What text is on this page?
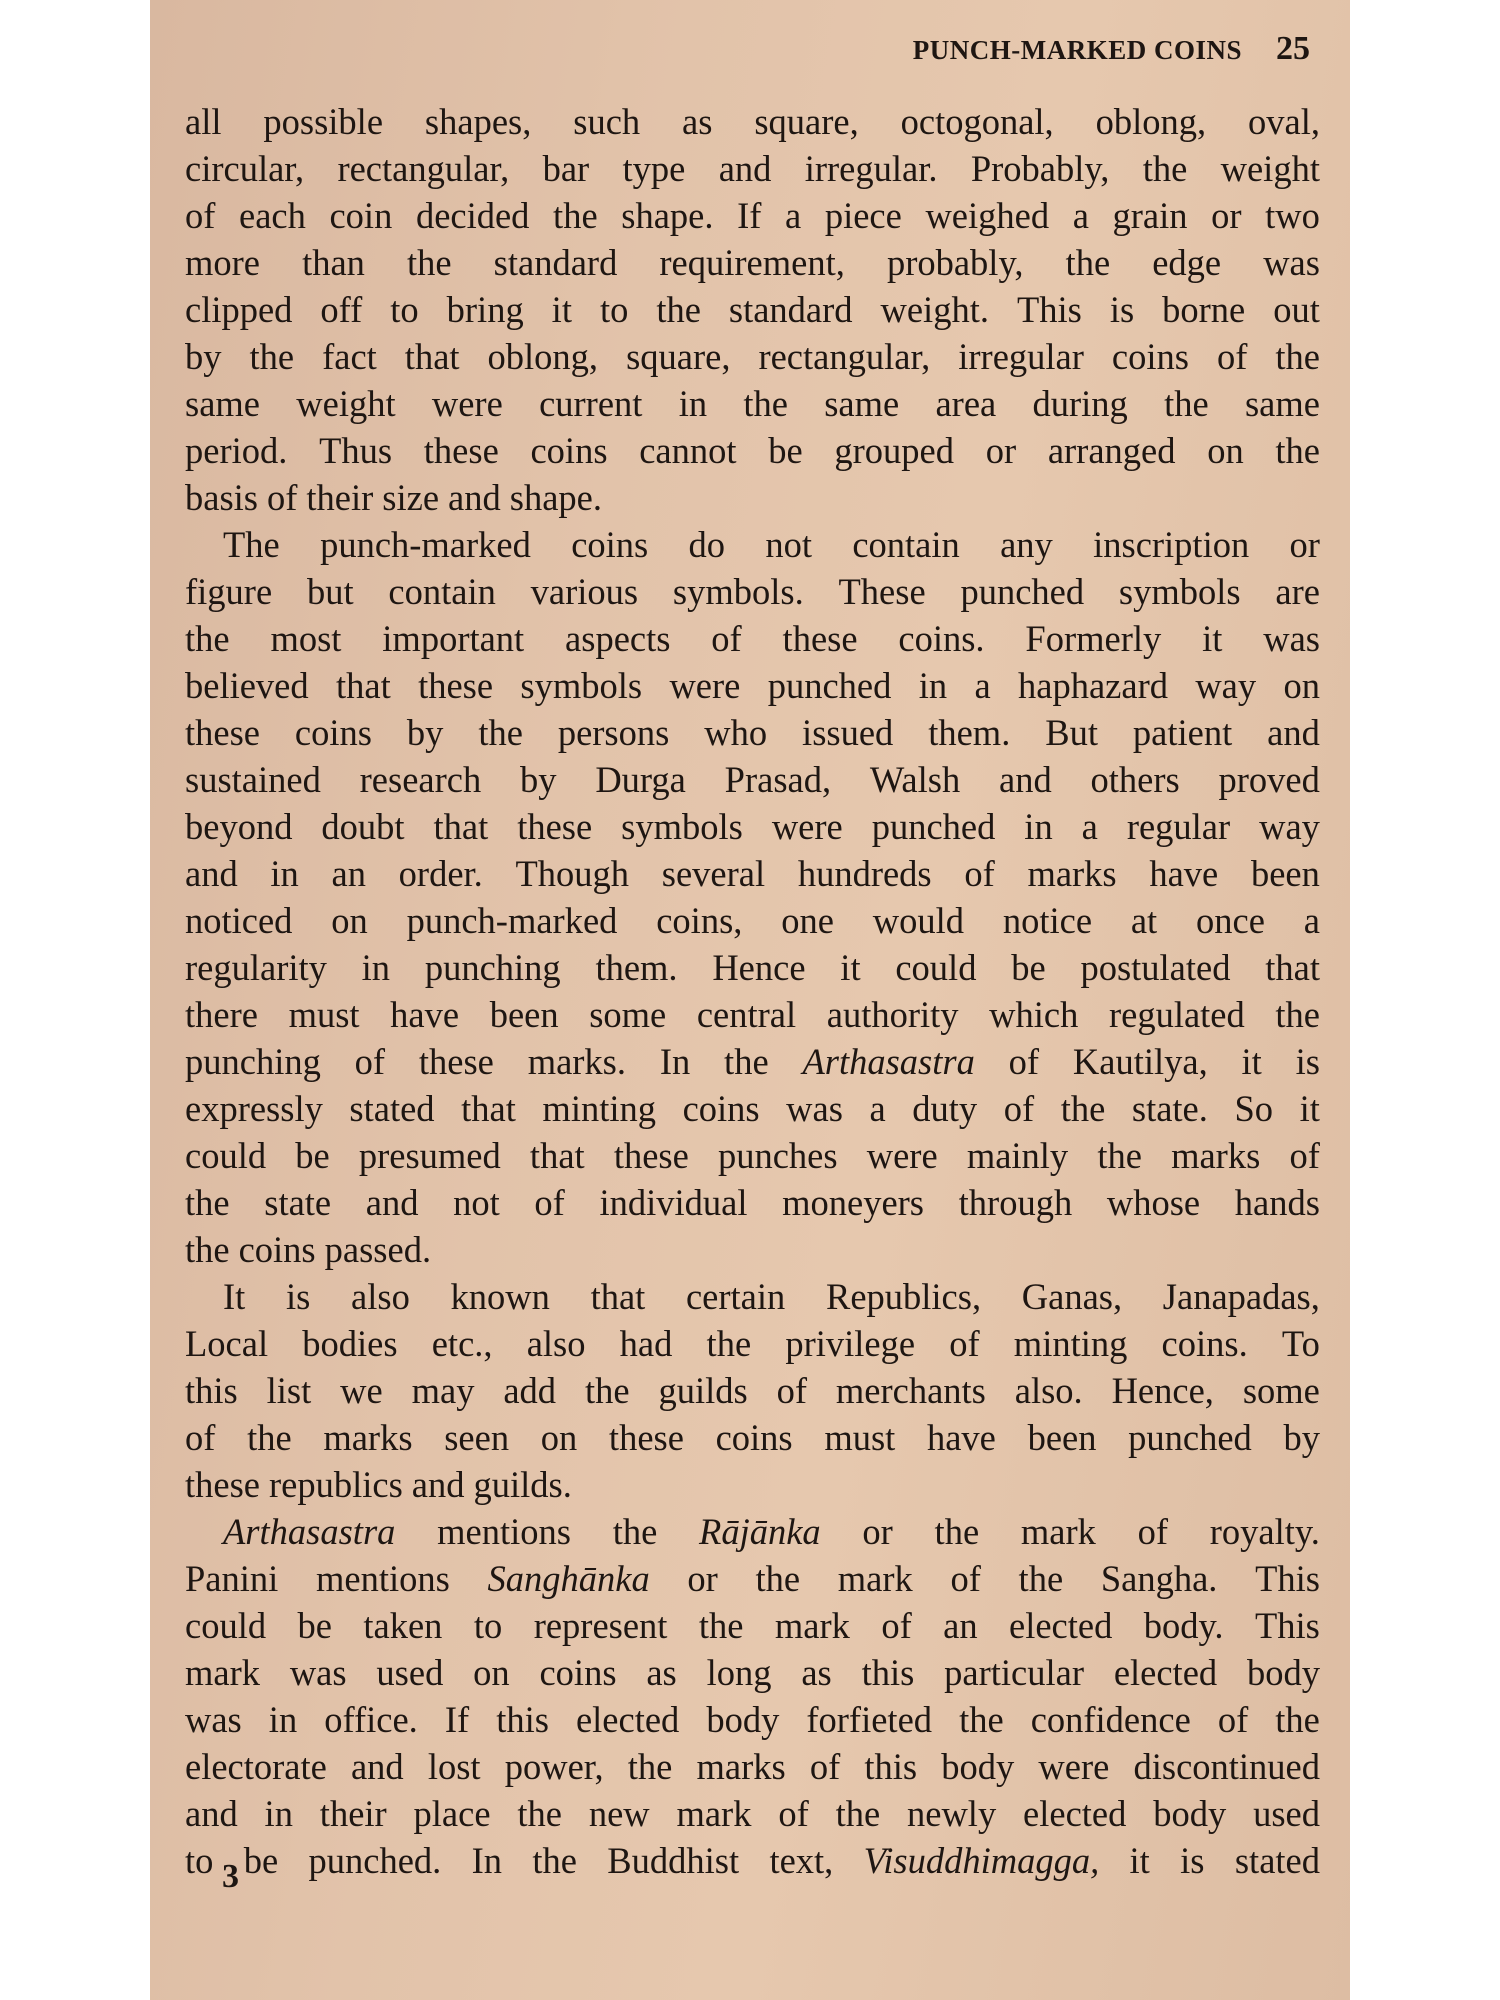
PUNCH-MARKED COINS 25
all possible shapes, such as square, octogonal, oblong, oval,
circular, rectangular, bar type and irregular. Probably, the weight
of each coin decided the shape. If a piece weighed a grain or two
more than the standard requirement, probably, the edge was
clipped off to bring it to the standard weight. This is borne out
by the fact that oblong, square, rectangular, irregular coins of the
same weight were current in the same area during the same
period. Thus these coins cannot be grouped or arranged on the
basis of their size and shape.
The punch-marked coins do not contain any inscription or
figure but contain various symbols. These punched symbols are
the most important aspects of these coins. Formerly it was
believed that these symbols were punched in a haphazard way on
these coins by the persons who issued them. But patient and
sustained research by Durga Prasad, Walsh and others proved
beyond doubt that these symbols were punched in a regular way
and in an order. Though several hundreds of marks have been
noticed on punch-marked coins, one would notice at once a
regularity in punching them. Hence it could be postulated that
there must have been some central authority which regulated the
punching of these marks. In the Arthasastra of Kautilya, it is
expressly stated that minting coins was a duty of the state. So it
could be presumed that these punches were mainly the marks of
the state and not of individual moneyers through whose hands
the coins passed.
It is also known that certain Republics, Ganas, Janapadas,
Local bodies etc., also had the privilege of minting coins. To
this list we may add the guilds of merchants also. Hence, some
of the marks seen on these coins must have been punched by
these republics and guilds.
Arthasastra mentions the Rājānka or the mark of royalty.
Panini mentions Sanghānka or the mark of the Sangha. This
could be taken to represent the mark of an elected body. This
mark was used on coins as long as this particular elected body
was in office. If this elected body forfieted the confidence of the
electorate and lost power, the marks of this body were discontinued
and in their place the new mark of the newly elected body used
to be punched. In the Buddhist text, Visuddhimagga, it is stated
3
